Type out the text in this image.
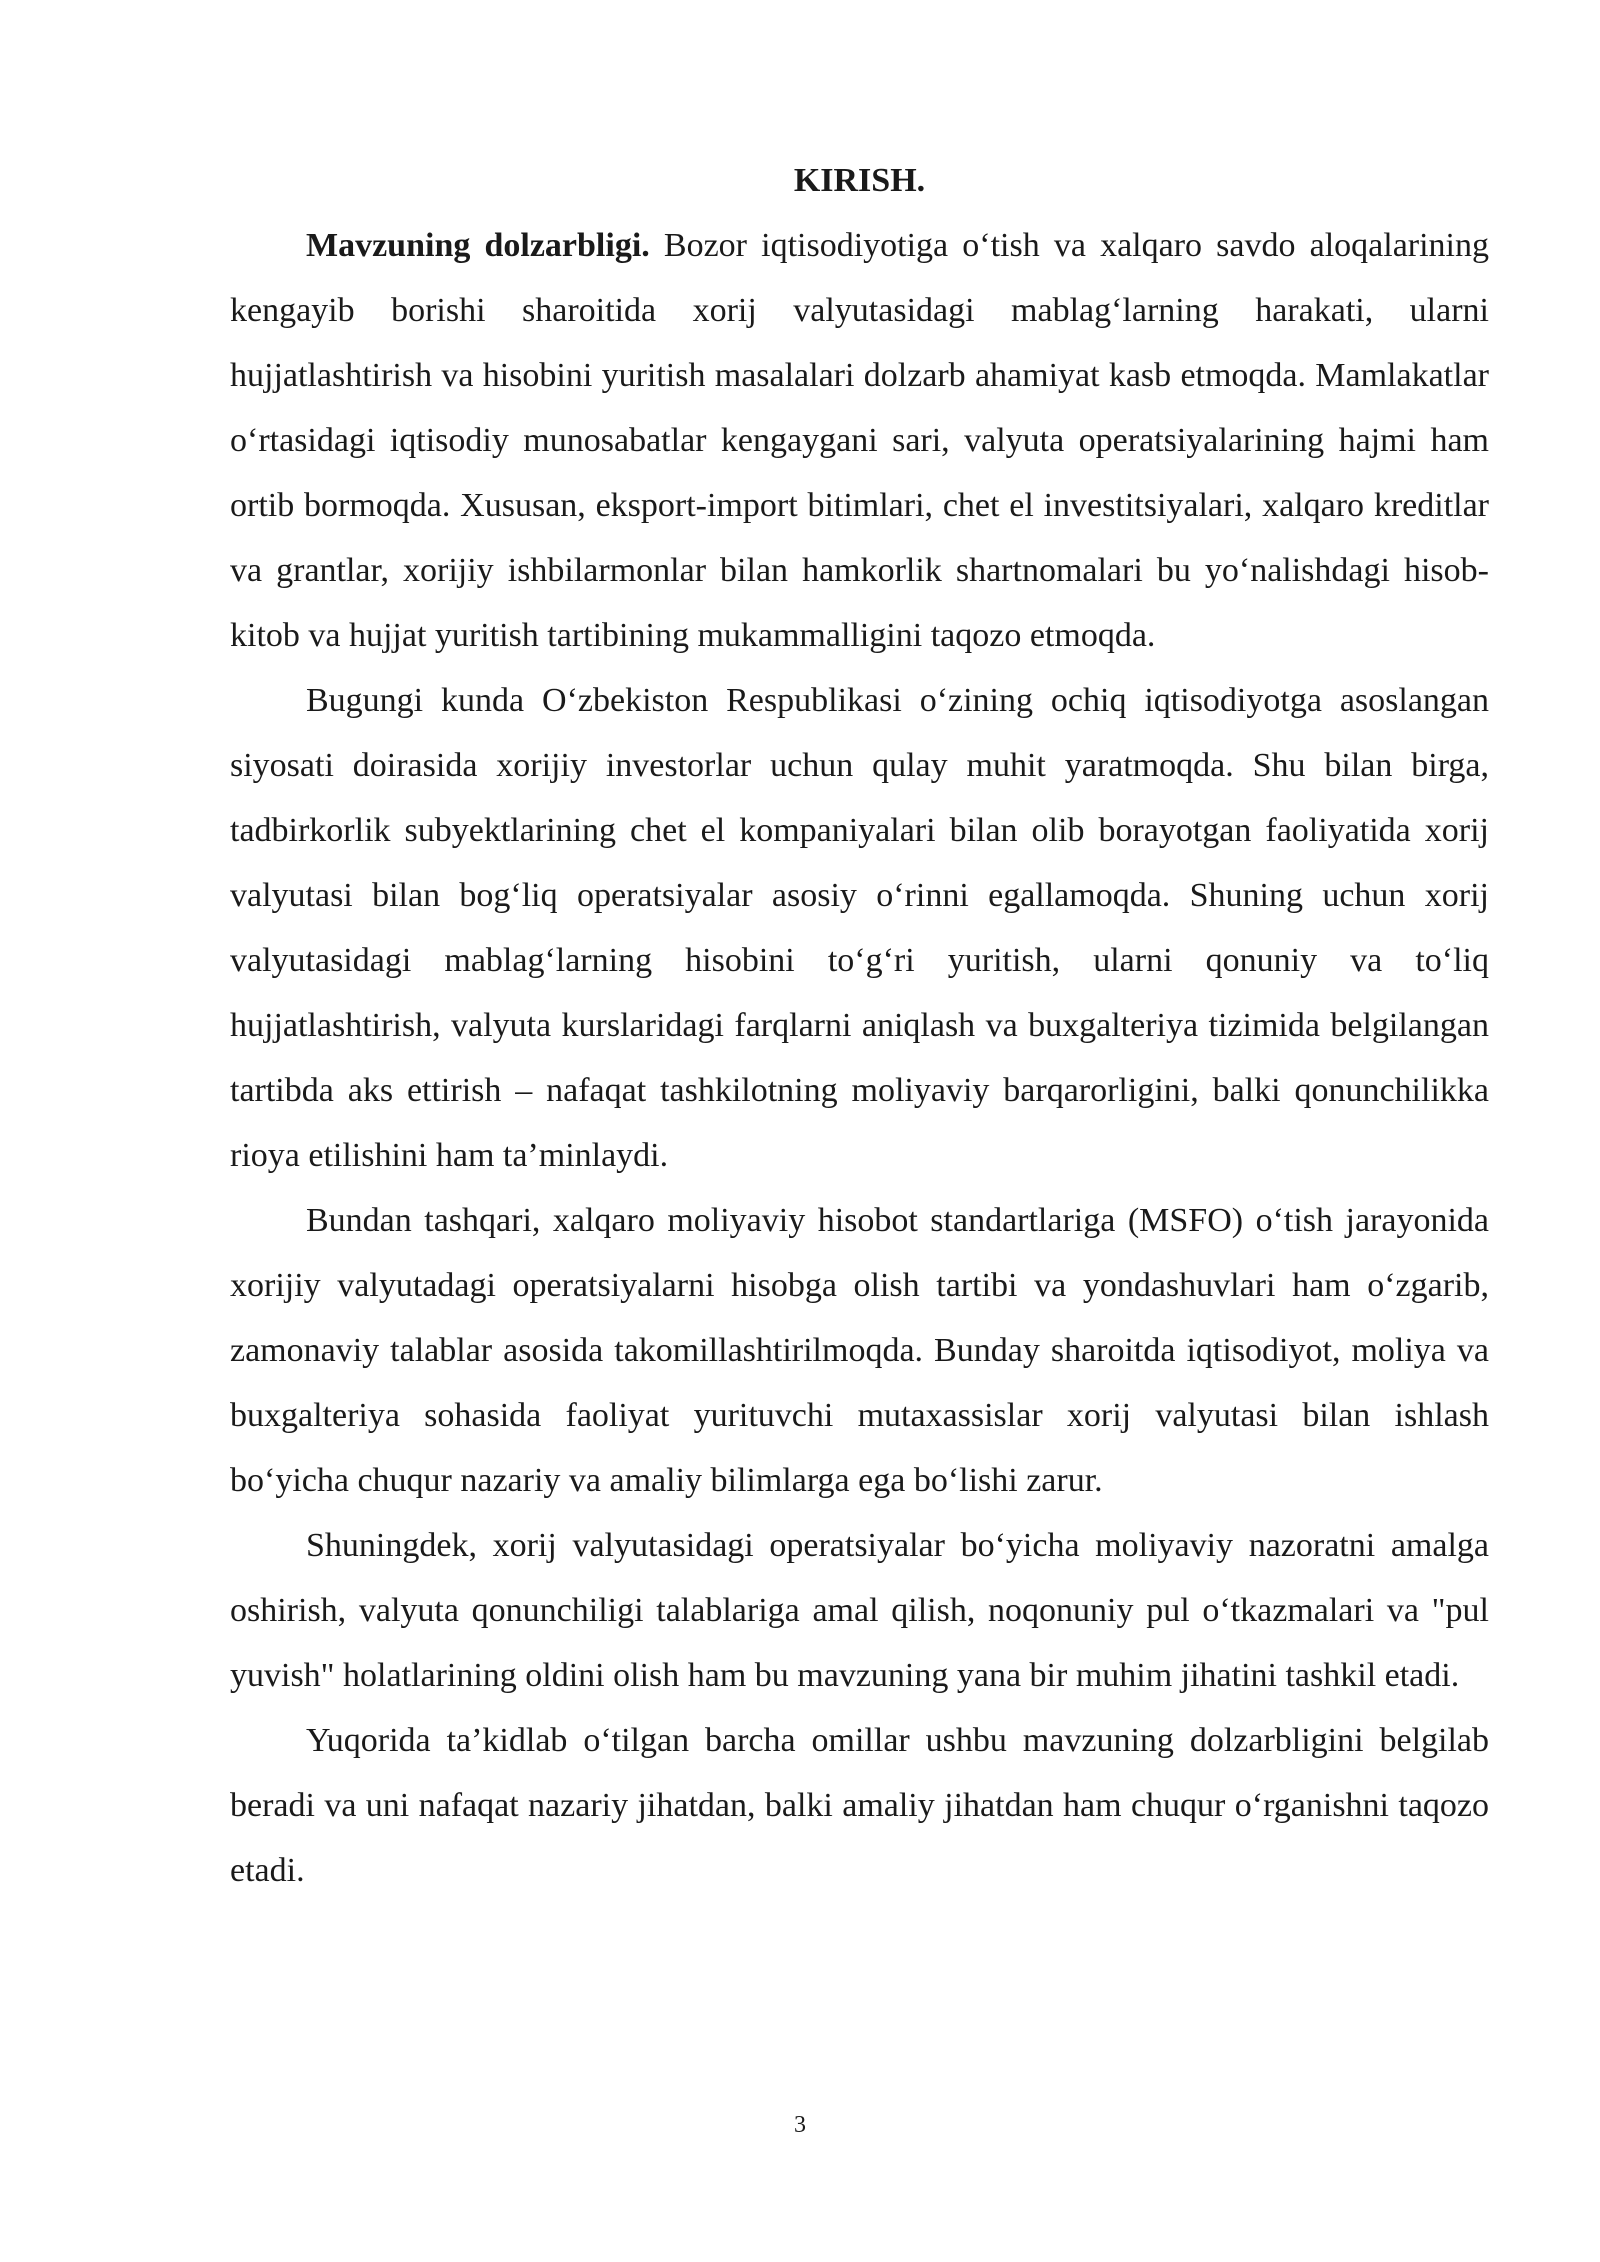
KIRISH.

Mavzuning dolzarbligi. Bozor iqtisodiyotiga o‘tish va xalqaro savdo aloqalarining kengayib borishi sharoitida xorij valyutasidagi mablag‘larning harakati, ularni hujjatlashtirish va hisobini yuritish masalalari dolzarb ahamiyat kasb etmoqda. Mamlakatlar o‘rtasidagi iqtisodiy munosabatlar kengaygani sari, valyuta operatsiyalarining hajmi ham ortib bormoqda. Xususan, eksport-import bitimlari, chet el investitsiyalari, xalqaro kreditlar va grantlar, xorijiy ishbilarmonlar bilan hamkorlik shartnomalari bu yo‘nalishdagi hisob-kitob va hujjat yuritish tartibining mukammalligini taqozo etmoqda.

Bugungi kunda O‘zbekiston Respublikasi o‘zining ochiq iqtisodiyotga asoslangan siyosati doirasida xorijiy investorlar uchun qulay muhit yaratmoqda. Shu bilan birga, tadbirkorlik subyektlarining chet el kompaniyalari bilan olib borayotgan faoliyatida xorij valyutasi bilan bog‘liq operatsiyalar asosiy o‘rinni egallamoqda. Shuning uchun xorij valyutasidagi mablag‘larning hisobini to‘g‘ri yuritish, ularni qonuniy va to‘liq hujjatlashtirish, valyuta kurslaridagi farqlarni aniqlash va buxgalteriya tizimida belgilangan tartibda aks ettirish – nafaqat tashkilotning moliyaviy barqarorligini, balki qonunchilikka rioya etilishini ham ta’minlaydi.

Bundan tashqari, xalqaro moliyaviy hisobot standartlariga (MSFO) o‘tish jarayonida xorijiy valyutadagi operatsiyalarni hisobga olish tartibi va yondashuvlari ham o‘zgarib, zamonaviy talablar asosida takomillashtirilmoqda. Bunday sharoitda iqtisodiyot, moliya va buxgalteriya sohasida faoliyat yurituvchi mutaxassislar xorij valyutasi bilan ishlash bo‘yicha chuqur nazariy va amaliy bilimlarga ega bo‘lishi zarur.

Shuningdek, xorij valyutasidagi operatsiyalar bo‘yicha moliyaviy nazoratni amalga oshirish, valyuta qonunchiligi talablariga amal qilish, noqonuniy pul o‘tkazmalari va "pul yuvish" holatlarining oldini olish ham bu mavzuning yana bir muhim jihatini tashkil etadi.

Yuqorida ta’kidlab o‘tilgan barcha omillar ushbu mavzuning dolzarbligini belgilab beradi va uni nafaqat nazariy jihatdan, balki amaliy jihatdan ham chuqur o‘rganishni taqozo etadi.

3
